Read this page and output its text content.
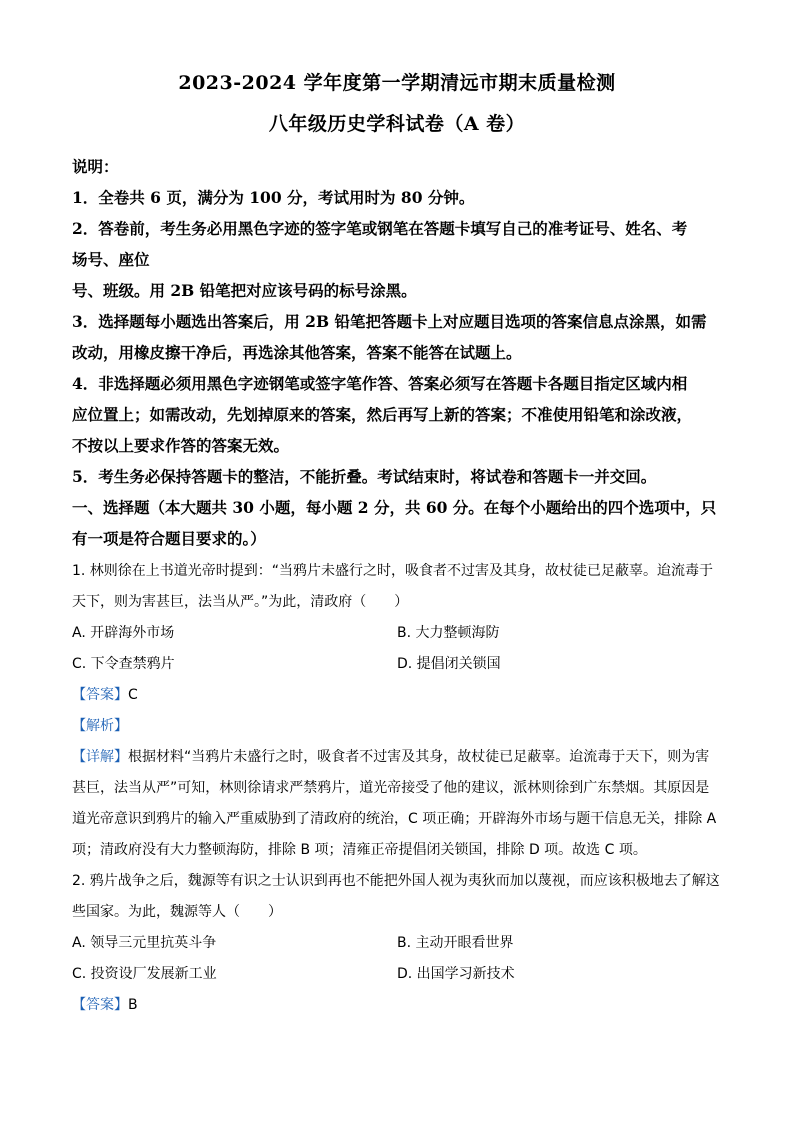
2023-2024 学年度第一学期清远市期末质量检测
八年级历史学科试卷（A 卷）
说明：
1．全卷共 6 页，满分为 100 分，考试用时为 80 分钟。
2．答卷前，考生务必用黑色字迹的签字笔或钢笔在答题卡填写自己的准考证号、姓名、考
场号、座位
号、班级。用 2B 铅笔把对应该号码的标号涂黑。
3．选择题每小题选出答案后，用 2B 铅笔把答题卡上对应题目选项的答案信息点涂黑，如需
改动，用橡皮擦干净后，再选涂其他答案，答案不能答在试题上。
4．非选择题必须用黑色字迹钢笔或签字笔作答、答案必须写在答题卡各题目指定区域内相
应位置上；如需改动，先划掉原来的答案，然后再写上新的答案；不准使用铅笔和涂改液，
不按以上要求作答的答案无效。
5．考生务必保持答题卡的整洁，不能折叠。考试结束时，将试卷和答题卡一并交回。
一、选择题（本大题共 30 小题，每小题 2 分，共 60 分。在每个小题给出的四个选项中，只
有一项是符合题目要求的。）
1. 林则徐在上书道光帝时提到：“当鸦片未盛行之时，吸食者不过害及其身，故杖徒已足蔽辜。迨流毒于
天下，则为害甚巨，法当从严。”为此，清政府（　　）
A. 开辟海外市场	B. 大力整顿海防
C. 下令查禁鸦片	D. 提倡闭关锁国
【答案】C
【解析】
【详解】根据材料“当鸦片未盛行之时，吸食者不过害及其身，故杖徒已足蔽辜。迨流毒于天下，则为害
甚巨，法当从严”可知，林则徐请求严禁鸦片，道光帝接受了他的建议，派林则徐到广东禁烟。其原因是
道光帝意识到鸦片的输入严重威胁到了清政府的统治，C 项正确；开辟海外市场与题干信息无关，排除 A
项；清政府没有大力整顿海防，排除 B 项；清雍正帝提倡闭关锁国，排除 D 项。故选 C 项。
2. 鸦片战争之后，魏源等有识之士认识到再也不能把外国人视为夷狄而加以蔑视，而应该积极地去了解这
些国家。为此，魏源等人（　　）
A. 领导三元里抗英斗争	B. 主动开眼看世界
C. 投资设厂发展新工业	D. 出国学习新技术
【答案】B
